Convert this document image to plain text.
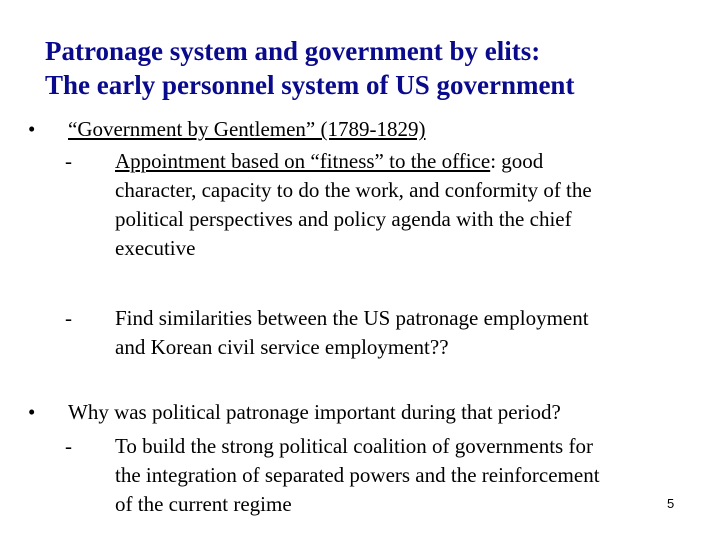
Patronage system and government by elits:
The early personnel system of US government
• “Government by Gentlemen” (1789-1829)
- Appointment based on “fitness” to the office: good
character, capacity to do the work, and conformity of the
political perspectives and policy agenda with the chief
executive
- Find similarities between the US patronage employment
and Korean civil service employment??
• Why was political patronage important during that period?
- To build the strong political coalition of governments for
the integration of separated powers and the reinforcement
of the current regime	5
